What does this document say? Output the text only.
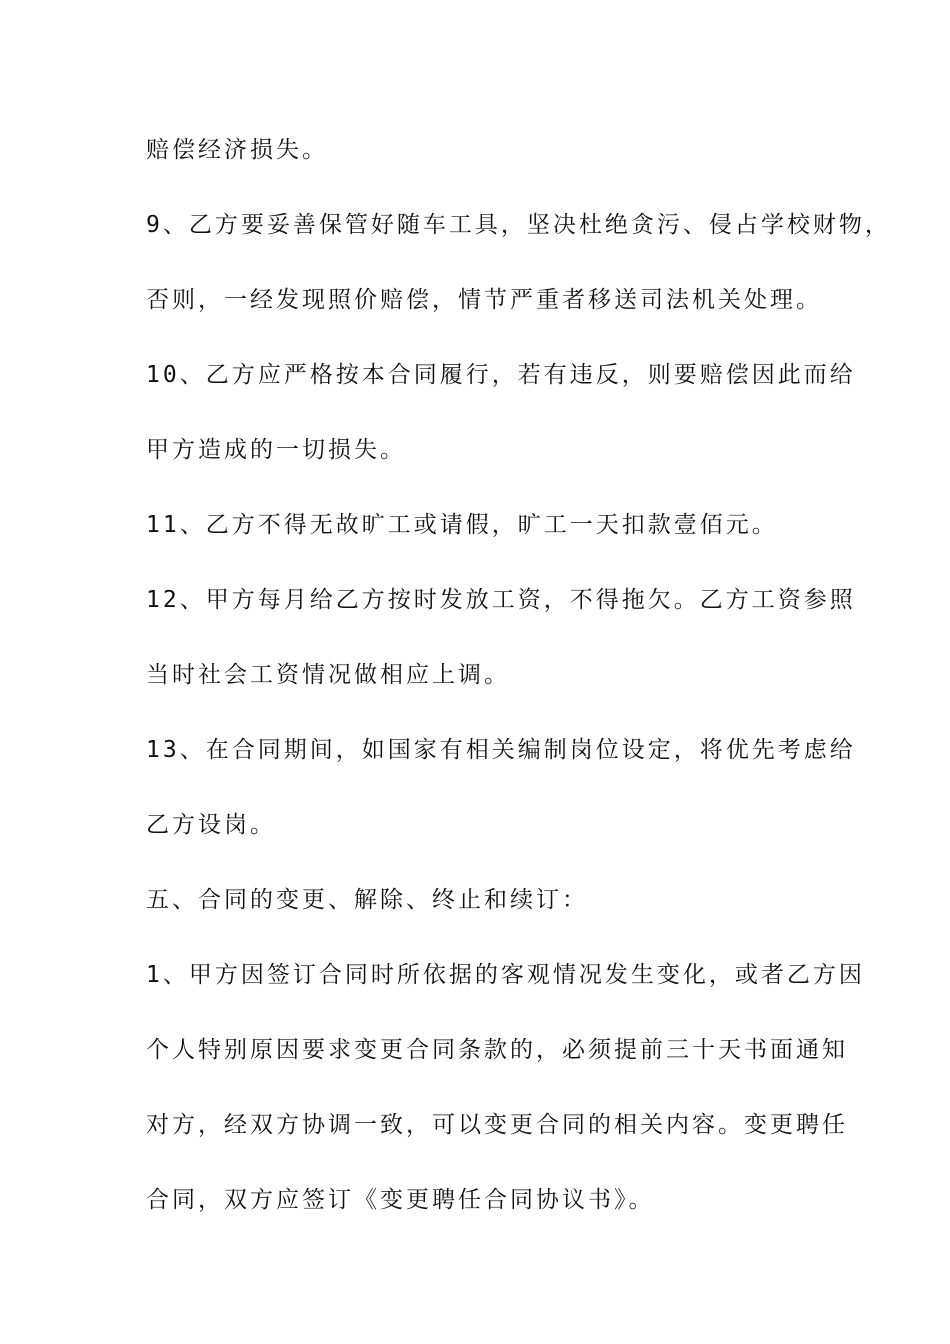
赔偿经济损失。
9、乙方要妥善保管好随车工具，坚决杜绝贪污、侵占学校财物，
否则，一经发现照价赔偿，情节严重者移送司法机关处理。
10、乙方应严格按本合同履行，若有违反，则要赔偿因此而给
甲方造成的一切损失。
11、乙方不得无故旷工或请假，旷工一天扣款壹佰元。
12、甲方每月给乙方按时发放工资，不得拖欠。乙方工资参照
当时社会工资情况做相应上调。
13、在合同期间，如国家有相关编制岗位设定，将优先考虑给
乙方设岗。
五、合同的变更、解除、终止和续订：
1、甲方因签订合同时所依据的客观情况发生变化，或者乙方因
个人特别原因要求变更合同条款的，必须提前三十天书面通知
对方，经双方协调一致，可以变更合同的相关内容。变更聘任
合同，双方应签订《变更聘任合同协议书》。
